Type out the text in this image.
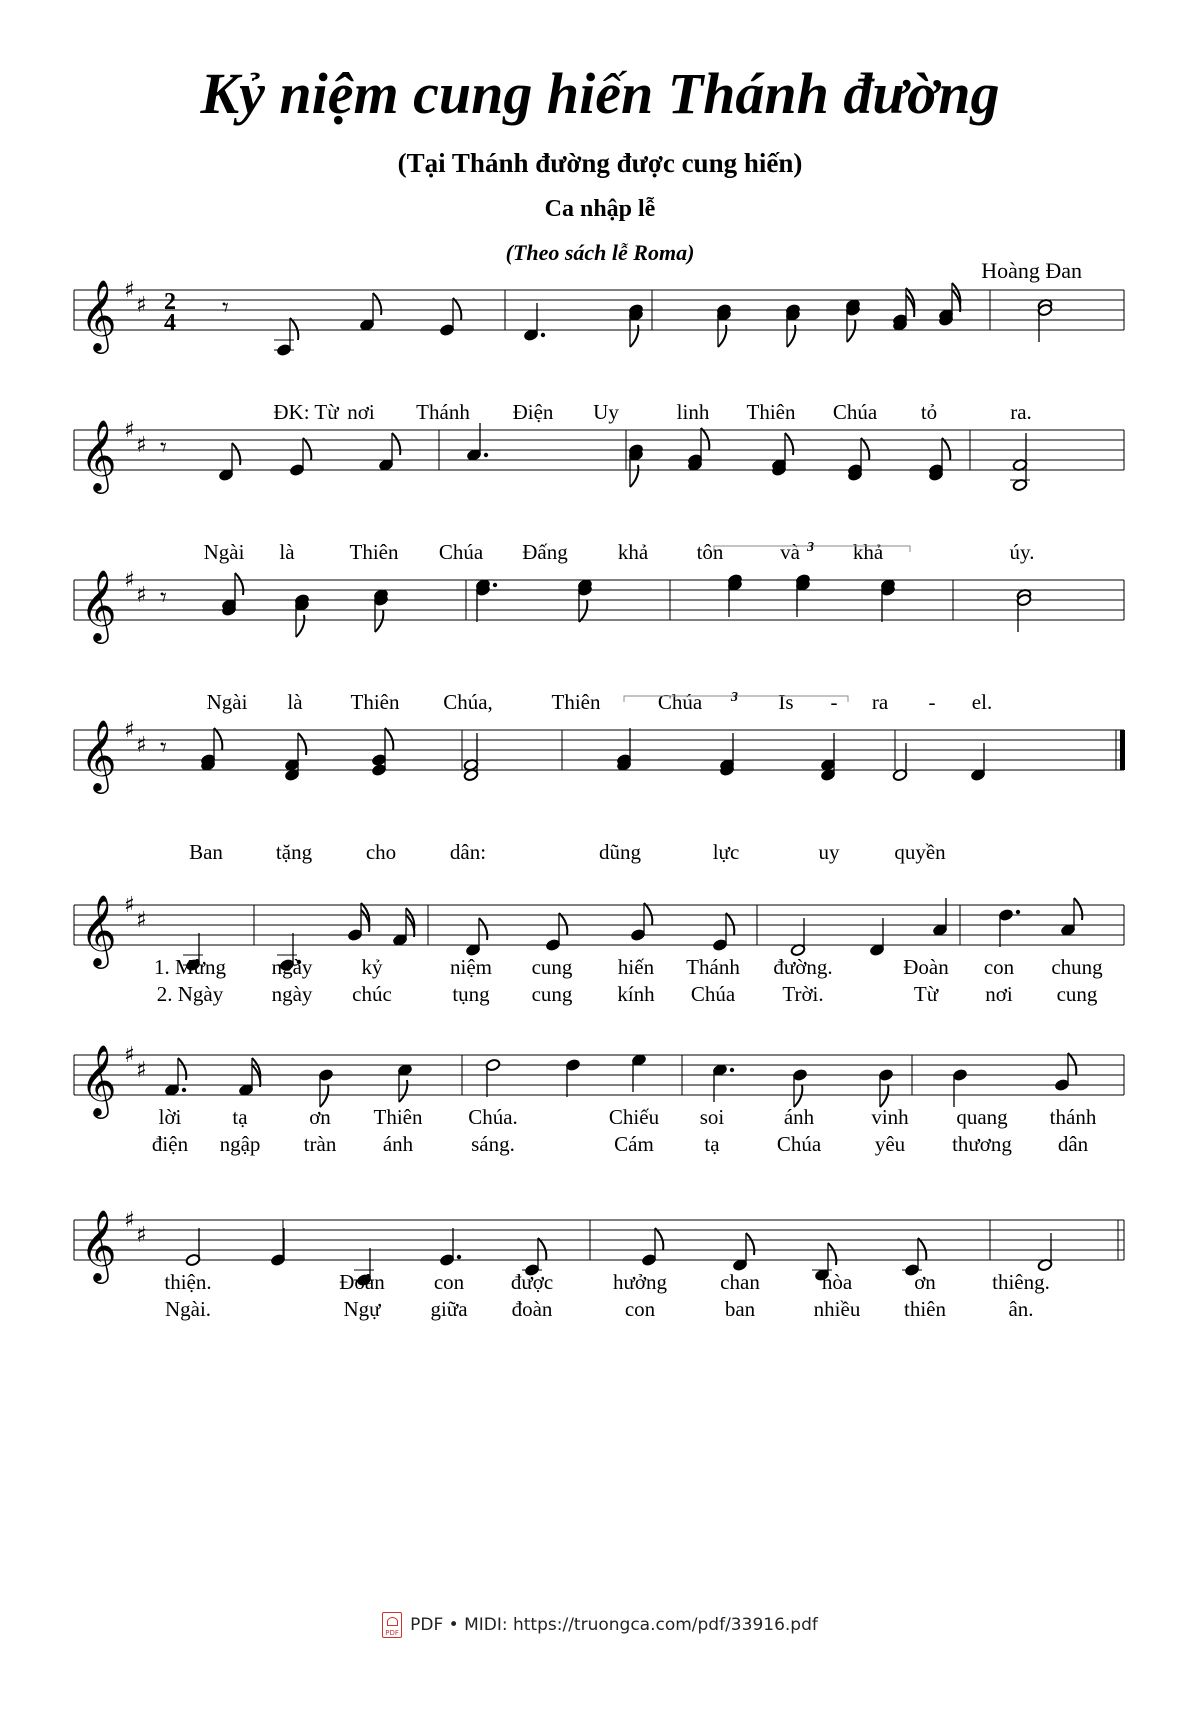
Kỷ niệm cung hiến Thánh đường
(Tại Thánh đường được cung hiến)
Ca nhập lễ
(Theo sách lễ Roma)
Hoàng Đan
𝄞 ♯
♯ 2
4 𝄾
ĐK: Từ nơi Thánh Điện Uy	linh Thiên Chúa tỏ	ra.
𝄞 ♯
♯ 𝄾
Ngài là	Thiên Chúa Đấng khả tôn	và	khả	úy.
𝄞 ♯
♯ 𝄾
3
Ngài là Thiên Chúa,	Thiên	Chúa	Is - ra - el.
𝄞 ♯
♯ 𝄾
3
Ban	tặng	cho	dân:	dũng	lực	uy	quyền
𝄞 ♯
♯
1. Mừng ngày kỷ	niệm cung hiến Thánh đường.	Đoàn con chung
2. Ngày ngày chúc	tụng cung kính Chúa Trời.	Từ nơi cung
𝄞 ♯
♯
lời tạ	ơn Thiên Chúa.	Chiếu soi	ánh	vinh quang thánh
điện ngập tràn ánh	sáng.	Cám tạ	Chúa	yêu thương dân
𝄞 ♯
♯
thiện.	Đoàn con được	hưởng	chan	hòa	ơn	thiêng.
Ngài.	Ngự giữa đoàn	con	ban	nhiều thiên	ân.
PDF PDF • MIDI: https://truongca.com/pdf/33916.pdf
